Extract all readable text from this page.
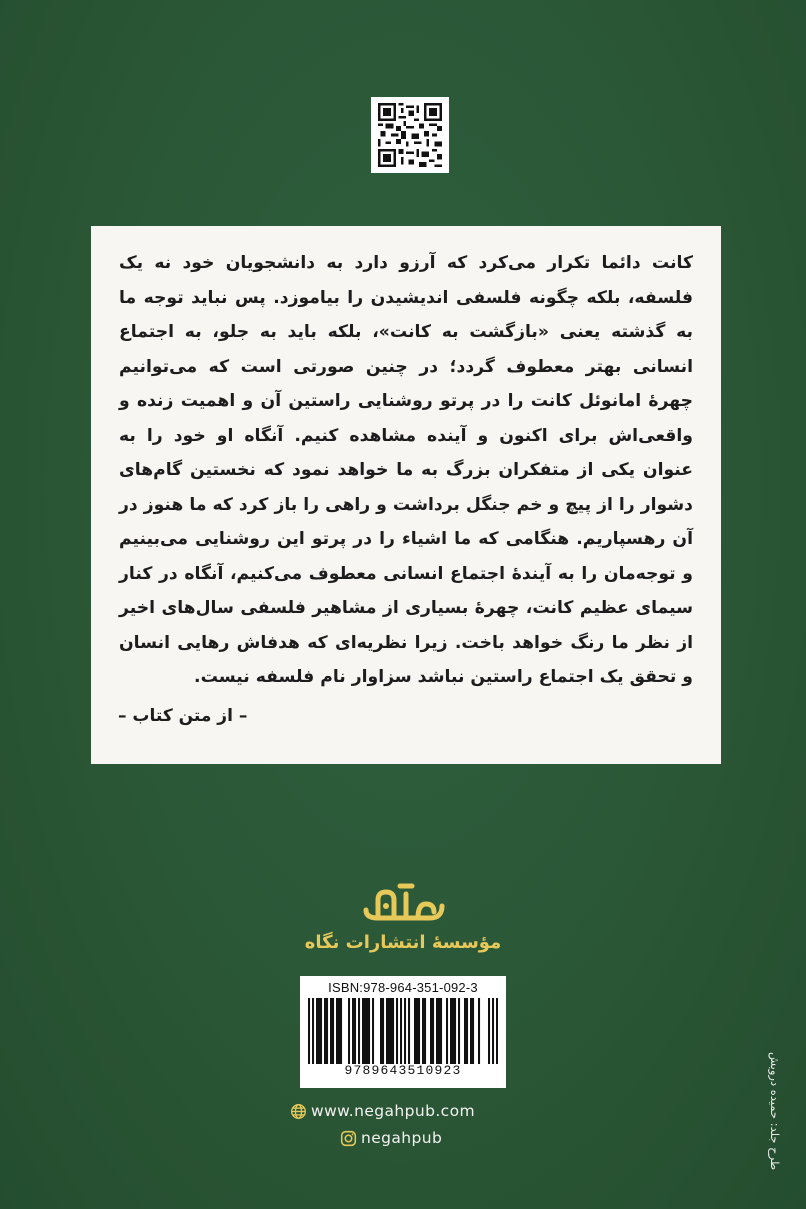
کانت دائما تکرار می‌کرد که آرزو دارد به دانشجویان خود نه یک فلسفه، بلکه چگونه فلسفی اندیشیدن را بیاموزد. پس نباید توجه ما به گذشته یعنی «بازگشت به کانت»، بلکه باید به جلو، به اجتماع انسانی بهتر معطوف گردد؛ در چنین صورتی است که می‌توانیم چهرهٔ امانوئل کانت را در پرتو روشنایی راستین آن و اهمیت زنده و واقعی‌اش برای اکنون و آینده مشاهده کنیم. آنگاه او خود را به عنوان یکی از متفکران بزرگ به ما خواهد نمود که نخستین گام‌های دشوار را از پیچ و خم جنگل برداشت و راهی را باز کرد که ما هنوز در آن رهسپاریم. هنگامی که ما اشیاء را در پرتو این روشنایی می‌بینیم و توجه‌مان را به آیندهٔ اجتماع انسانی معطوف می‌کنیم، آنگاه در کنار سیمای عظیم کانت، چهرهٔ بسیاری از مشاهیر فلسفی سال‌های اخیر از نظر ما رنگ خواهد باخت. زیرا نظریه‌ای که هدفاش رهایی انسان و تحقق یک اجتماع راستین نباشد سزاوار نام فلسفه نیست.

– از متن کتاب –
مؤسسهٔ انتشارات نگاه
ISBN:978-964-351-092-3
9789643510923
www.negahpub.com
negahpub	طرح جلد: حمیده درویش
